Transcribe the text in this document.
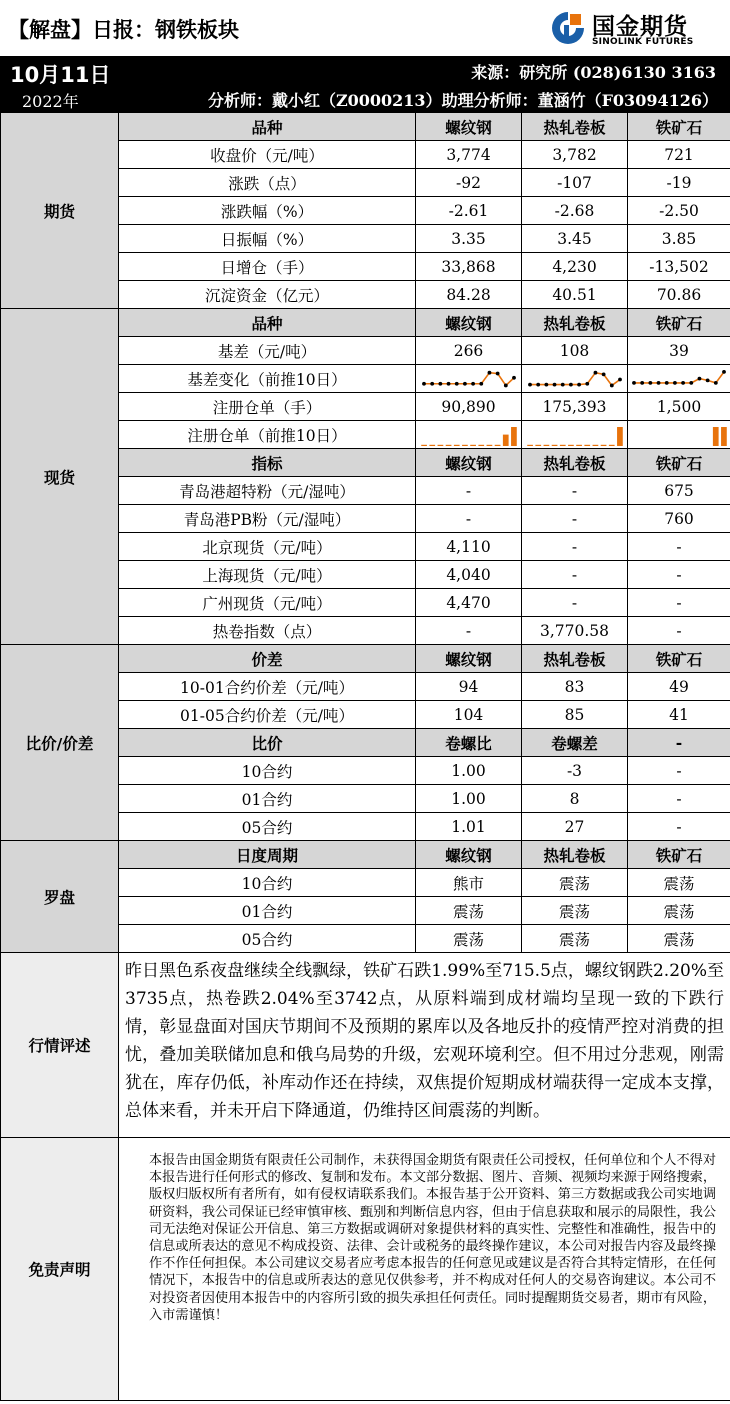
【解盘】日报：钢铁板块	国金期货
SINOLINK FUTURES
10月11日
2022年
来源：研究所 (028)6130 3163
分析师：戴小红（Z0000213）助理分析师：董涵竹（F03094126）
期货	品种	螺纹钢	热轧卷板	铁矿石
	收盘价（元/吨）	3,774	3,782	721
	涨跌（点）	-92	-107	-19
	涨跌幅（%）	-2.61	-2.68	-2.50
	日振幅（%）	3.35	3.45	3.85
	日增仓（手）	33,868	4,230	-13,502
	沉淀资金（亿元）	84.28	40.51	70.86
现货	品种	螺纹钢	热轧卷板	铁矿石
	基差（元/吨）	266	108	39
	基差变化（前推10日）	

	注册仓单（手）	90,890	175,393	1,500
	注册仓单（前推10日）	

	指标	螺纹钢	热轧卷板	铁矿石
	青岛港超特粉（元/湿吨）	-	-	675
	青岛港PB粉（元/湿吨）	-	-	760
	北京现货（元/吨）	4,110	-	-
	上海现货（元/吨）	4,040	-	-
	广州现货（元/吨）	4,470	-	-
	热卷指数（点）	-	3,770.58	-
比价/价差	价差	螺纹钢	热轧卷板	铁矿石
	10-01合约价差（元/吨）	94	83	49
	01-05合约价差（元/吨）	104	85	41
	比价	卷螺比	卷螺差	-
	10合约	1.00	-3	-
	01合约	1.00	8	-
	05合约	1.01	27	-
罗盘	日度周期	螺纹钢	热轧卷板	铁矿石
	10合约	熊市	震荡	震荡
	01合约	震荡	震荡	震荡
	05合约	震荡	震荡	震荡
行情评述	昨日黑色系夜盘继续全线飘绿，铁矿石跌1.99%至715.5点，螺纹钢跌2.20%至3735点，热卷跌2.04%至3742点，从原料端到成材端均呈现一致的下跌行情，彰显盘面对国庆节期间不及预期的累库以及各地反扑的疫情严控对消费的担忧，叠加美联储加息和俄乌局势的升级，宏观环境利空。但不用过分悲观，刚需犹在，库存仍低，补库动作还在持续，双焦提价短期成材端获得一定成本支撑，总体来看，并未开启下降通道，仍维持区间震荡的判断。			

免责声明	本报告由国金期货有限责任公司制作，未获得国金期货有限责任公司授权，任何单位和个人不得对本报告进行任何形式的修改、复制和发布。本文部分数据、图片、音频、视频均来源于网络搜索，版权归版权所有者所有，如有侵权请联系我们。本报告基于公开资料、第三方数据或我公司实地调研资料，我公司保证已经审慎审核、甄别和判断信息内容，但由于信息获取和展示的局限性，我公司无法绝对保证公开信息、第三方数据或调研对象提供材料的真实性、完整性和准确性，报告中的信息或所表达的意见不构成投资、法律、会计或税务的最终操作建议，本公司对报告内容及最终操作不作任何担保。本公司建议交易者应考虑本报告的任何意见或建议是否符合其特定情形，在任何情况下，本报告中的信息或所表达的意见仅供参考，并不构成对任何人的交易咨询建议。本公司不对投资者因使用本报告中的内容所引致的损失承担任何责任。同时提醒期货交易者，期市有风险，入市需谨慎！			
